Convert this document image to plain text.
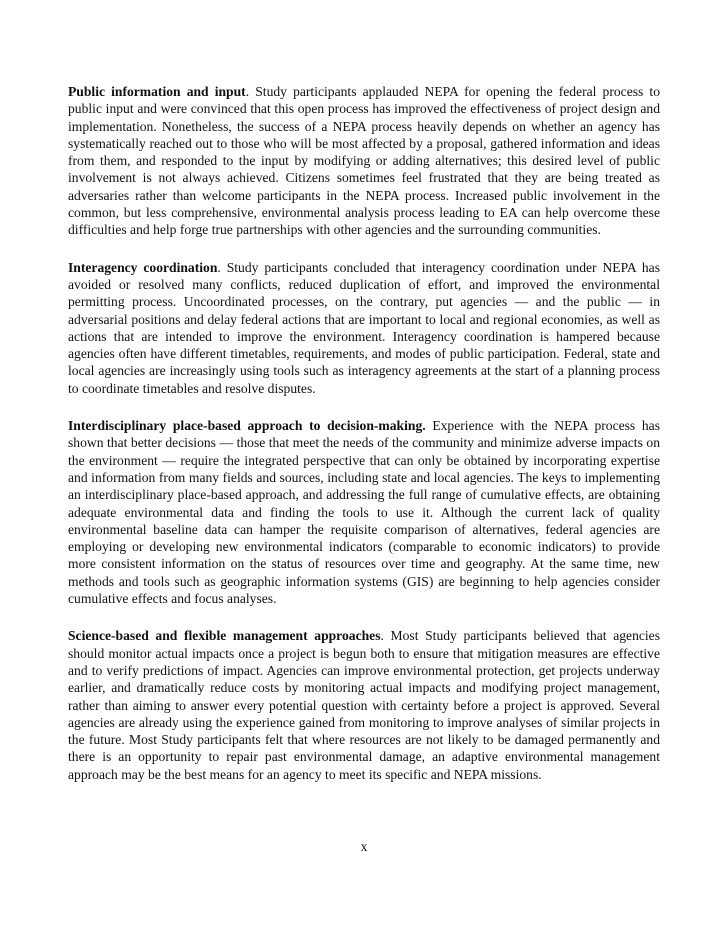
Public information and input. Study participants applauded NEPA for opening the federal process to public input and were convinced that this open process has improved the effectiveness of project design and implementation. Nonetheless, the success of a NEPA process heavily depends on whether an agency has systematically reached out to those who will be most affected by a proposal, gathered information and ideas from them, and responded to the input by modifying or adding alternatives; this desired level of public involvement is not always achieved. Citizens sometimes feel frustrated that they are being treated as adversaries rather than welcome participants in the NEPA process. Increased public involvement in the common, but less comprehensive, environmental analysis process leading to EA can help overcome these difficulties and help forge true partnerships with other agencies and the surrounding communities.

Interagency coordination. Study participants concluded that interagency coordination under NEPA has avoided or resolved many conflicts, reduced duplication of effort, and improved the environmental permitting process. Uncoordinated processes, on the contrary, put agencies — and the public — in adversarial positions and delay federal actions that are important to local and regional economies, as well as actions that are intended to improve the environment. Interagency coordination is hampered because agencies often have different timetables, requirements, and modes of public participation. Federal, state and local agencies are increasingly using tools such as interagency agreements at the start of a planning process to coordinate timetables and resolve disputes.

Interdisciplinary place-based approach to decision-making. Experience with the NEPA process has shown that better decisions — those that meet the needs of the community and minimize adverse impacts on the environment — require the integrated perspective that can only be obtained by incorporating expertise and information from many fields and sources, including state and local agencies. The keys to implementing an interdisciplinary place-based approach, and addressing the full range of cumulative effects, are obtaining adequate environmental data and finding the tools to use it. Although the current lack of quality environmental baseline data can hamper the requisite comparison of alternatives, federal agencies are employing or developing new environmental indicators (comparable to economic indicators) to provide more consistent information on the status of resources over time and geography. At the same time, new methods and tools such as geographic information systems (GIS) are beginning to help agencies consider cumulative effects and focus analyses.

Science-based and flexible management approaches. Most Study participants believed that agencies should monitor actual impacts once a project is begun both to ensure that mitigation measures are effective and to verify predictions of impact. Agencies can improve environmental protection, get projects underway earlier, and dramatically reduce costs by monitoring actual impacts and modifying project management, rather than aiming to answer every potential question with certainty before a project is approved. Several agencies are already using the experience gained from monitoring to improve analyses of similar projects in the future. Most Study participants felt that where resources are not likely to be damaged permanently and there is an opportunity to repair past environmental damage, an adaptive environmental management approach may be the best means for an agency to meet its specific and NEPA missions.

x
